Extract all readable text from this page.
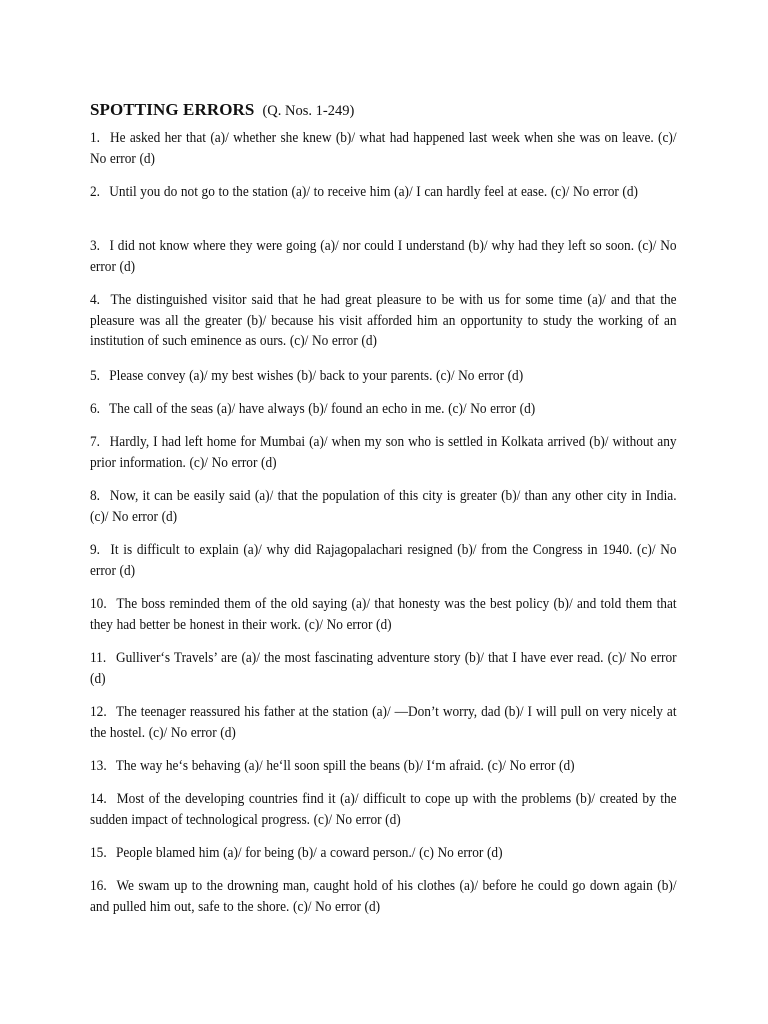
SPOTTING ERRORS (Q. Nos. 1-249)

1. He asked her that (a)/ whether she knew (b)/ what had happened last week when she was on leave. (c)/ No error (d)

2. Until you do not go to the station (a)/ to receive him (a)/ I can hardly feel at ease. (c)/ No error (d)

3. I did not know where they were going (a)/ nor could I understand (b)/ why had they left so soon. (c)/ No error (d)

4. The distinguished visitor said that he had great pleasure to be with us for some time (a)/ and that the pleasure was all the greater (b)/ because his visit afforded him an opportunity to study the working of an institution of such eminence as ours. (c)/ No error (d)

5. Please convey (a)/ my best wishes (b)/ back to your parents. (c)/ No error (d)

6. The call of the seas (a)/ have always (b)/ found an echo in me. (c)/ No error (d)

7. Hardly, I had left home for Mumbai (a)/ when my son who is settled in Kolkata arrived (b)/ without any prior information. (c)/ No error (d)

8. Now, it can be easily said (a)/ that the population of this city is greater (b)/ than any other city in India. (c)/ No error (d)

9. It is difficult to explain (a)/ why did Rajagopalachari resigned (b)/ from the Congress in 1940. (c)/ No error (d)

10. The boss reminded them of the old saying (a)/ that honesty was the best policy (b)/ and told them that they had better be honest in their work. (c)/ No error (d)

11. Gulliver‘s Travels’ are (a)/ the most fascinating adventure story (b)/ that I have ever read. (c)/ No error (d)

12. The teenager reassured his father at the station (a)/ —Don’t worry, dad (b)/ I will pull on very nicely at the hostel. (c)/ No error (d)

13. The way he‘s behaving (a)/ he‘ll soon spill the beans (b)/ I‘m afraid. (c)/ No error (d)

14. Most of the developing countries find it (a)/ difficult to cope up with the problems (b)/ created by the sudden impact of technological progress. (c)/ No error (d)

15. People blamed him (a)/ for being (b)/ a coward person./ (c) No error (d)

16. We swam up to the drowning man, caught hold of his clothes (a)/ before he could go down again (b)/ and pulled him out, safe to the shore. (c)/ No error (d)
